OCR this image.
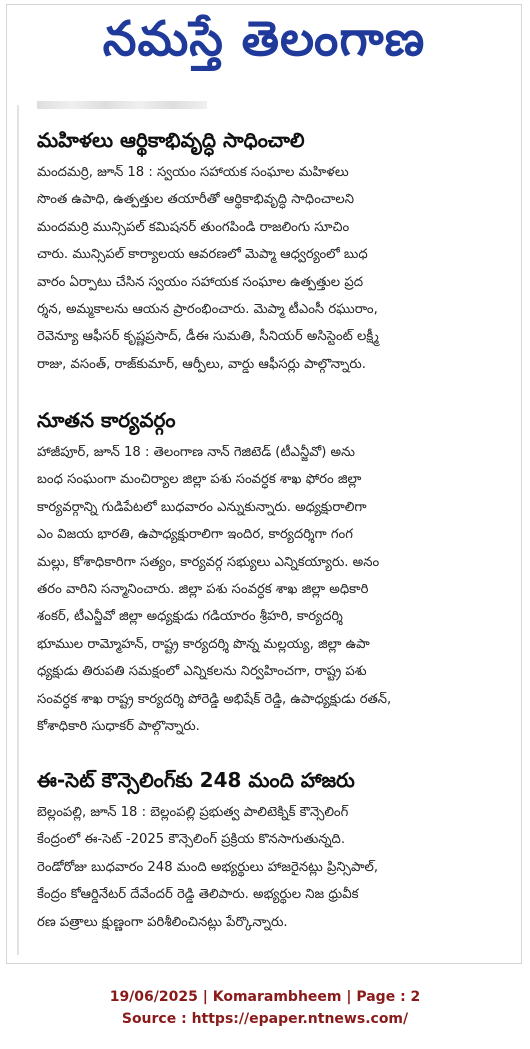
నమస్తే తెలంగాణ
మహిళలు ఆర్థికాభివృద్ధి సాధించాలి

మందమర్రి, జూన్ 18 : స్వయం సహాయక సంఘాల మహిళలు

సొంత ఉపాధి, ఉత్పత్తుల తయారీతో ఆర్థికాభివృద్ధి సాధించాలని

మందమర్రి మున్సిపల్ కమిషనర్ తుంగపిండి రాజలింగు సూచిం

చారు. మున్సిపల్ కార్యాలయ ఆవరణలో మెప్మా ఆధ్వర్యంలో బుధ

వారం ఏర్పాటు చేసిన స్వయం సహాయక సంఘాల ఉత్పత్తుల ప్రద

ర్శన, అమ్మకాలను ఆయన ప్రారంభించారు. మెప్మా టీఎంసీ రఘురాం,

రెవెన్యూ ఆఫీసర్ కృష్ణప్రసాద్, డీఈ సుమతి, సీనియర్ అసిస్టెంట్ లక్ష్మీ

రాజు, వసంత్, రాజ్‌కుమార్, ఆర్పీలు, వార్డు ఆఫీసర్లు పాల్గొన్నారు.

నూతన కార్యవర్గం

హాజీపూర్, జూన్ 18 : తెలంగాణ నాన్ గెజిటెడ్ (టీఎన్జీవో) అను

బంధ సంఘంగా మంచిర్యాల జిల్లా పశు సంవర్ధక శాఖ ఫోరం జిల్లా

కార్యవర్గాన్ని గుడిపేటలో బుధవారం ఎన్నుకున్నారు. అధ్యక్షురాలిగా

ఎం విజయ భారతి, ఉపాధ్యక్షురాలిగా ఇందిర, కార్యదర్శిగా గంగ

మల్లు, కోశాధికారిగా సత్యం, కార్యవర్గ సభ్యులు ఎన్నికయ్యారు. అనం

తరం వారిని సన్మానించారు. జిల్లా పశు సంవర్ధక శాఖ జిల్లా అధికారి

శంకర్, టీఎన్జీవో జిల్లా అధ్యక్షుడు గడియారం శ్రీహరి, కార్యదర్శి

భూముల రామ్మోహన్, రాష్ట్ర కార్యదర్శి పొన్న మల్లయ్య, జిల్లా ఉపా

ధ్యక్షుడు తిరుపతి సమక్షంలో ఎన్నికలను నిర్వహించగా, రాష్ట్ర పశు

సంవర్ధక శాఖ రాష్ట్ర కార్యదర్శి పోరెడ్డి అభిషేక్ రెడ్డి, ఉపాధ్యక్షుడు రతన్,

కోశాధికారి సుధాకర్ పాల్గొన్నారు.

ఈ-సెట్ కౌన్సెలింగ్‌కు 248 మంది హాజరు

బెల్లంపల్లి, జూన్ 18 : బెల్లంపల్లి ప్రభుత్వ పాలిటెక్నిక్ కౌన్సెలింగ్

కేంద్రంలో ఈ-సెట్ -2025 కౌన్సెలింగ్ ప్రక్రియ కొనసాగుతున్నది.

రెండోరోజు బుధవారం 248 మంది అభ్యర్థులు హాజరైనట్లు ప్రిన్సిపాల్,

కేంద్రం కోఆర్డినేటర్ దేవేందర్ రెడ్డి తెలిపారు. అభ్యర్థుల నిజ ధ్రువీక

రణ పత్రాలు క్షుణ్ణంగా పరిశీలించినట్లు పేర్కొన్నారు.

19/06/2025 | Komarambheem | Page : 2
Source : https://epaper.ntnews.com/
